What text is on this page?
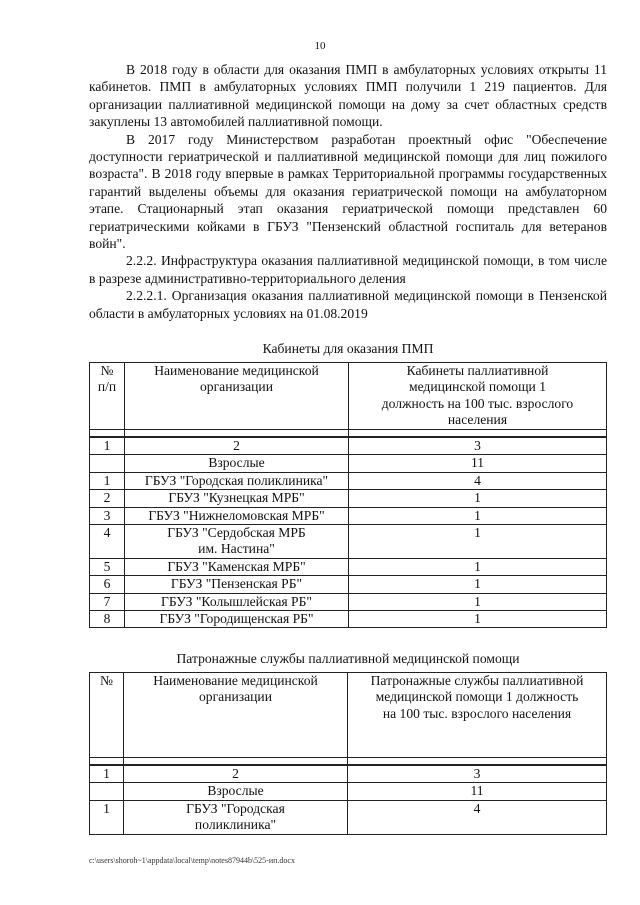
10

В 2018 году в области для оказания ПМП в амбулаторных условиях открыты 11 кабинетов. ПМП в амбулаторных условиях ПМП получили 1 219 пациентов. Для организации паллиативной медицинской помощи на дому за счет областных средств закуплены 13 автомобилей паллиативной помощи.

В 2017 году Министерством разработан проектный офис "Обеспечение доступности гериатрической и паллиативной медицинской помощи для лиц пожилого возраста". В 2018 году впервые в рамках Территориальной программы государственных гарантий выделены объемы для оказания гериатрической помощи на амбулаторном этапе. Стационарный этап оказания гериатрической помощи представлен 60 гериатрическими койками в ГБУЗ "Пензенский областной госпиталь для ветеранов войн".

2.2.2. Инфраструктура оказания паллиативной медицинской помощи, в том числе в разрезе административно-территориального деления

2.2.2.1. Организация оказания паллиативной медицинской помощи в Пензенской области в амбулаторных условиях на 01.08.2019

Кабинеты для оказания ПМП
№ п/п	Наименование медицинской организации	Кабинеты паллиативной медицинской помощи 1 должность на 100 тыс. взрослого населения

1	2	3
	Взрослые	11
1	ГБУЗ "Городская поликлиника"	4
2	ГБУЗ "Кузнецкая МРБ"	1
3	ГБУЗ "Нижнеломовская МРБ"	1
4	ГБУЗ "Сердобская МРБ им. Настина"	1
5	ГБУЗ "Каменская МРБ"	1
6	ГБУЗ "Пензенская РБ"	1
7	ГБУЗ "Колышлейская РБ"	1
8	ГБУЗ "Городищенская РБ"	1
Патронажные службы паллиативной медицинской помощи
№	Наименование медицинской организации	Патронажные службы паллиативной медицинской помощи 1 должность на 100 тыс. взрослого населения

1	2	3
	Взрослые	11
1	ГБУЗ "Городская поликлиника"	4
c:\users\shoroh~1\appdata\local\temp\notes87944b\525-ип.docx
